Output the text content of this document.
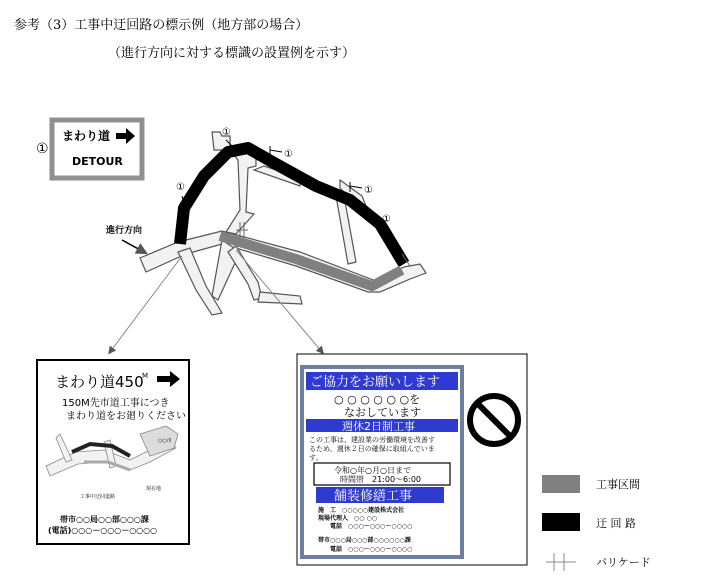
参考（3）工事中迂回路の標示例（地方部の場合）
（進行方向に対する標識の設置例を示す）
①
まわり道
DETOUR
①
①
①	①
①
進行方向
まわり道450
M
150M先市道工事につき
まわり道をお廻りください
工事中迂回道路
現在地
○○市
帯市○○局○○部○○○課
(電話)○○○－○○○－○○○○
ご協力をお願いします
○ ○ ○ ○ ○ ○を
なおしています
週休2日制工事
この工事は、建設業の労働環境を改善す
るため、週休２日の確保に取組んでいま
す。
令和○年○月○日まで
時間帯　21:00～6:00
舗装修繕工事
施　工　○○○○○建設株式会社
現場代理人　○○ ○○
電話　○○○－○○○－○○○○
帯市○○○局○○○部○○○○○○課
電話　○○○－○○○－○○○○
工事区間
迂 回 路
バリケード
